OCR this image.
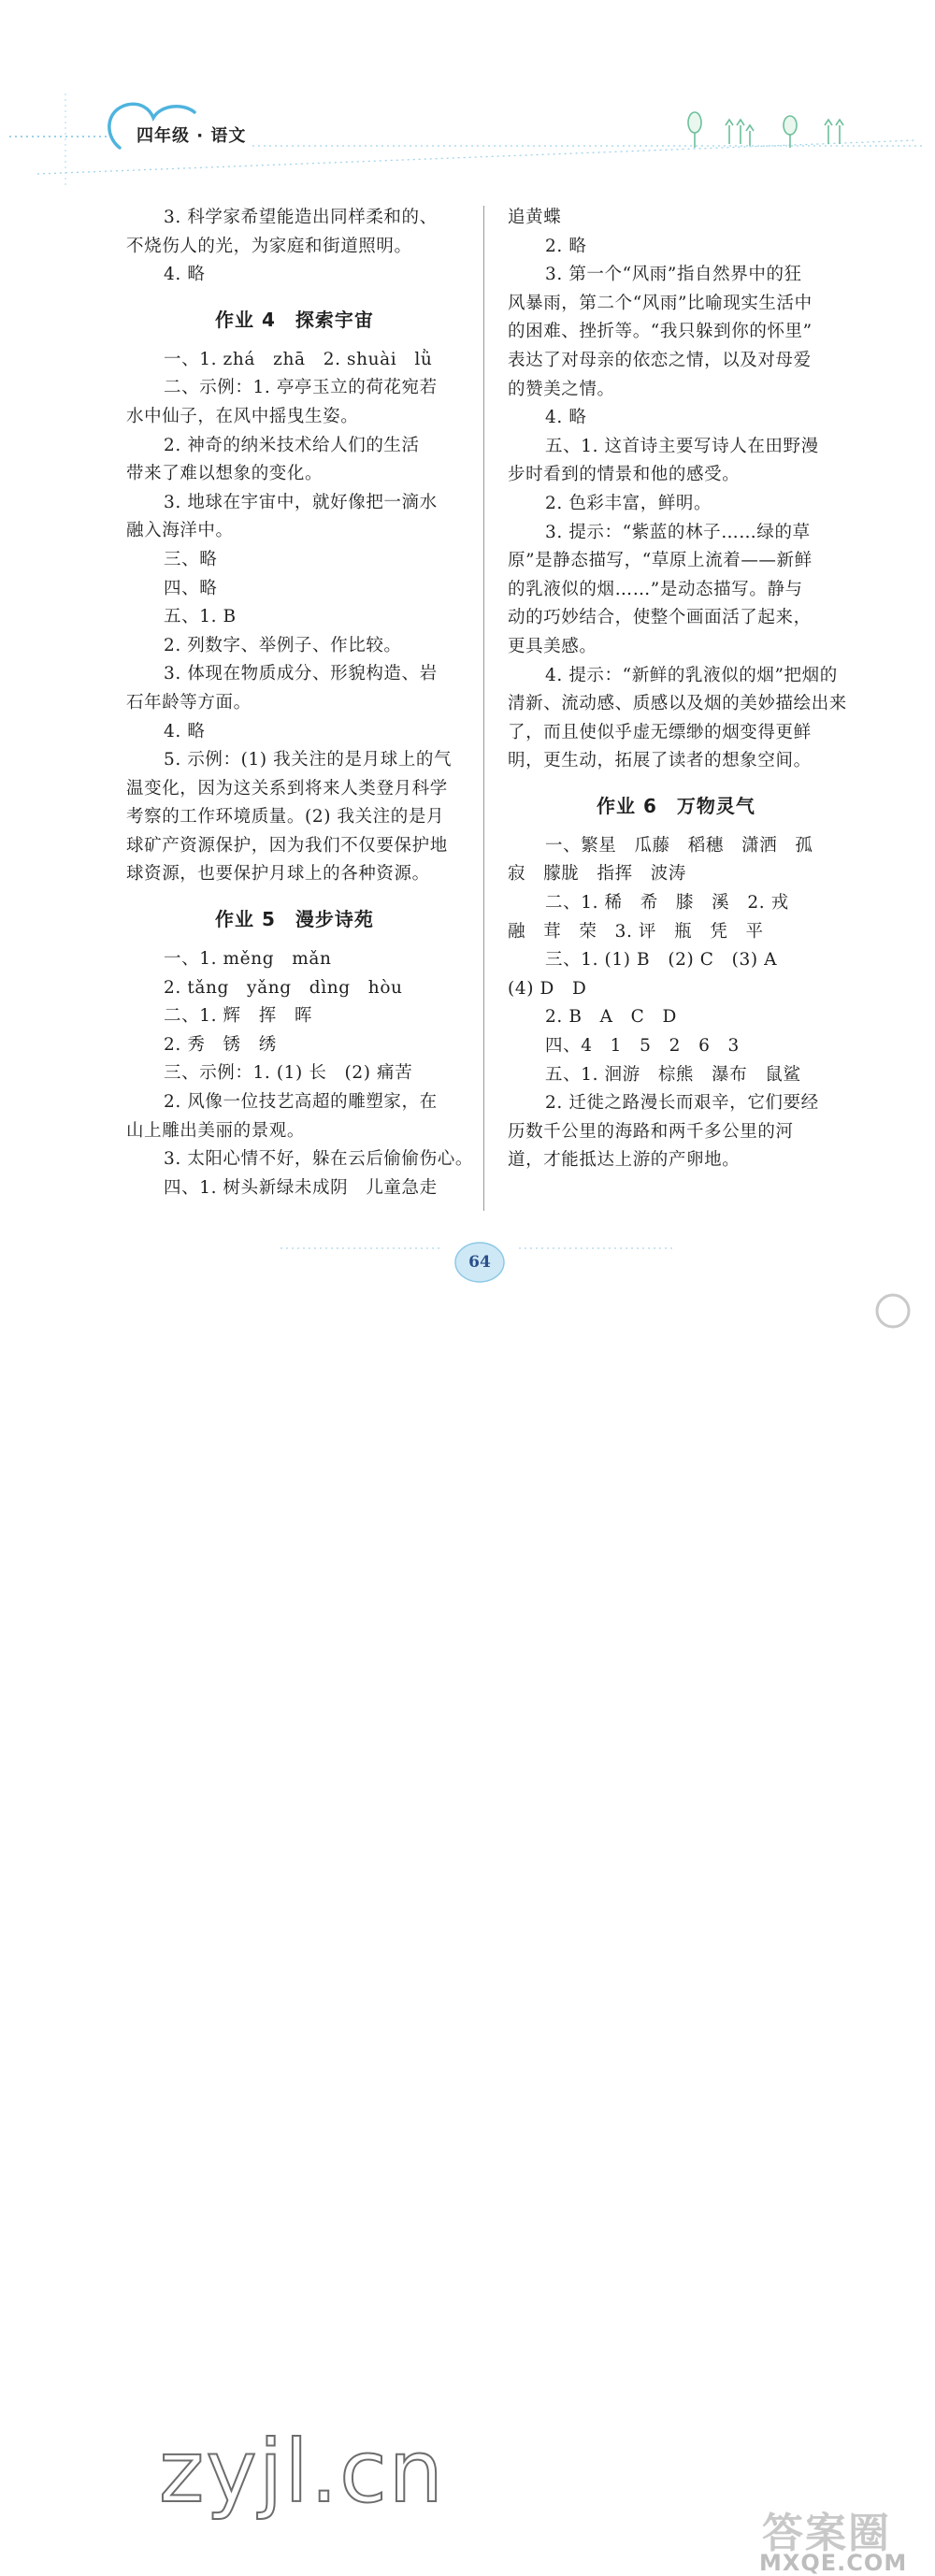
四年级 · 语文
3. 科学家希望能造出同样柔和的、
不烧伤人的光，为家庭和街道照明。
4. 略
作业 4　探索宇宙
一、1. zhá　zhā　2. shuài　lǜ
二、示例：1. 亭亭玉立的荷花宛若
水中仙子，在风中摇曳生姿。
2. 神奇的纳米技术给人们的生活
带来了难以想象的变化。
3. 地球在宇宙中，就好像把一滴水
融入海洋中。
三、略
四、略
五、1. B
2. 列数字、举例子、作比较。
3. 体现在物质成分、形貌构造、岩
石年龄等方面。
4. 略
5. 示例：(1) 我关注的是月球上的气
温变化，因为这关系到将来人类登月科学
考察的工作环境质量。(2) 我关注的是月
球矿产资源保护，因为我们不仅要保护地
球资源，也要保护月球上的各种资源。
作业 5　漫步诗苑
一、1. měng　mǎn
2. tǎng　yǎng　dìng　hòu
二、1. 辉　挥　晖
2. 秀　锈　绣
三、示例：1. (1) 长　(2) 痛苦
2. 风像一位技艺高超的雕塑家，在
山上雕出美丽的景观。
3. 太阳心情不好，躲在云后偷偷伤心。
四、1. 树头新绿未成阴　儿童急走
追黄蝶
2. 略
3. 第一个“风雨”指自然界中的狂
风暴雨，第二个“风雨”比喻现实生活中
的困难、挫折等。“我只躲到你的怀里”
表达了对母亲的依恋之情，以及对母爱
的赞美之情。
4. 略
五、1. 这首诗主要写诗人在田野漫
步时看到的情景和他的感受。
2. 色彩丰富，鲜明。
3. 提示：“紫蓝的林子……绿的草
原”是静态描写，“草原上流着——新鲜
的乳液似的烟……”是动态描写。静与
动的巧妙结合，使整个画面活了起来，
更具美感。
4. 提示：“新鲜的乳液似的烟”把烟的
清新、流动感、质感以及烟的美妙描绘出来
了，而且使似乎虚无缥缈的烟变得更鲜
明，更生动，拓展了读者的想象空间。
作业 6　万物灵气
一、繁星　瓜藤　稻穗　潇洒　孤
寂　朦胧　指挥　波涛
二、1. 稀　希　膝　溪　2. 戎
融　茸　荣　3. 评　瓶　凭　平
三、1. (1) B　(2) C　(3) A
(4) D　D
2. B　A　C　D
四、4　1　5　2　6　3
五、1. 洄游　棕熊　瀑布　鼠鲨
2. 迁徙之路漫长而艰辛，它们要经
历数千公里的海路和两千多公里的河
道，才能抵达上游的产卵地。
zyjl.cn
答案圈
MXQE.COM
64
